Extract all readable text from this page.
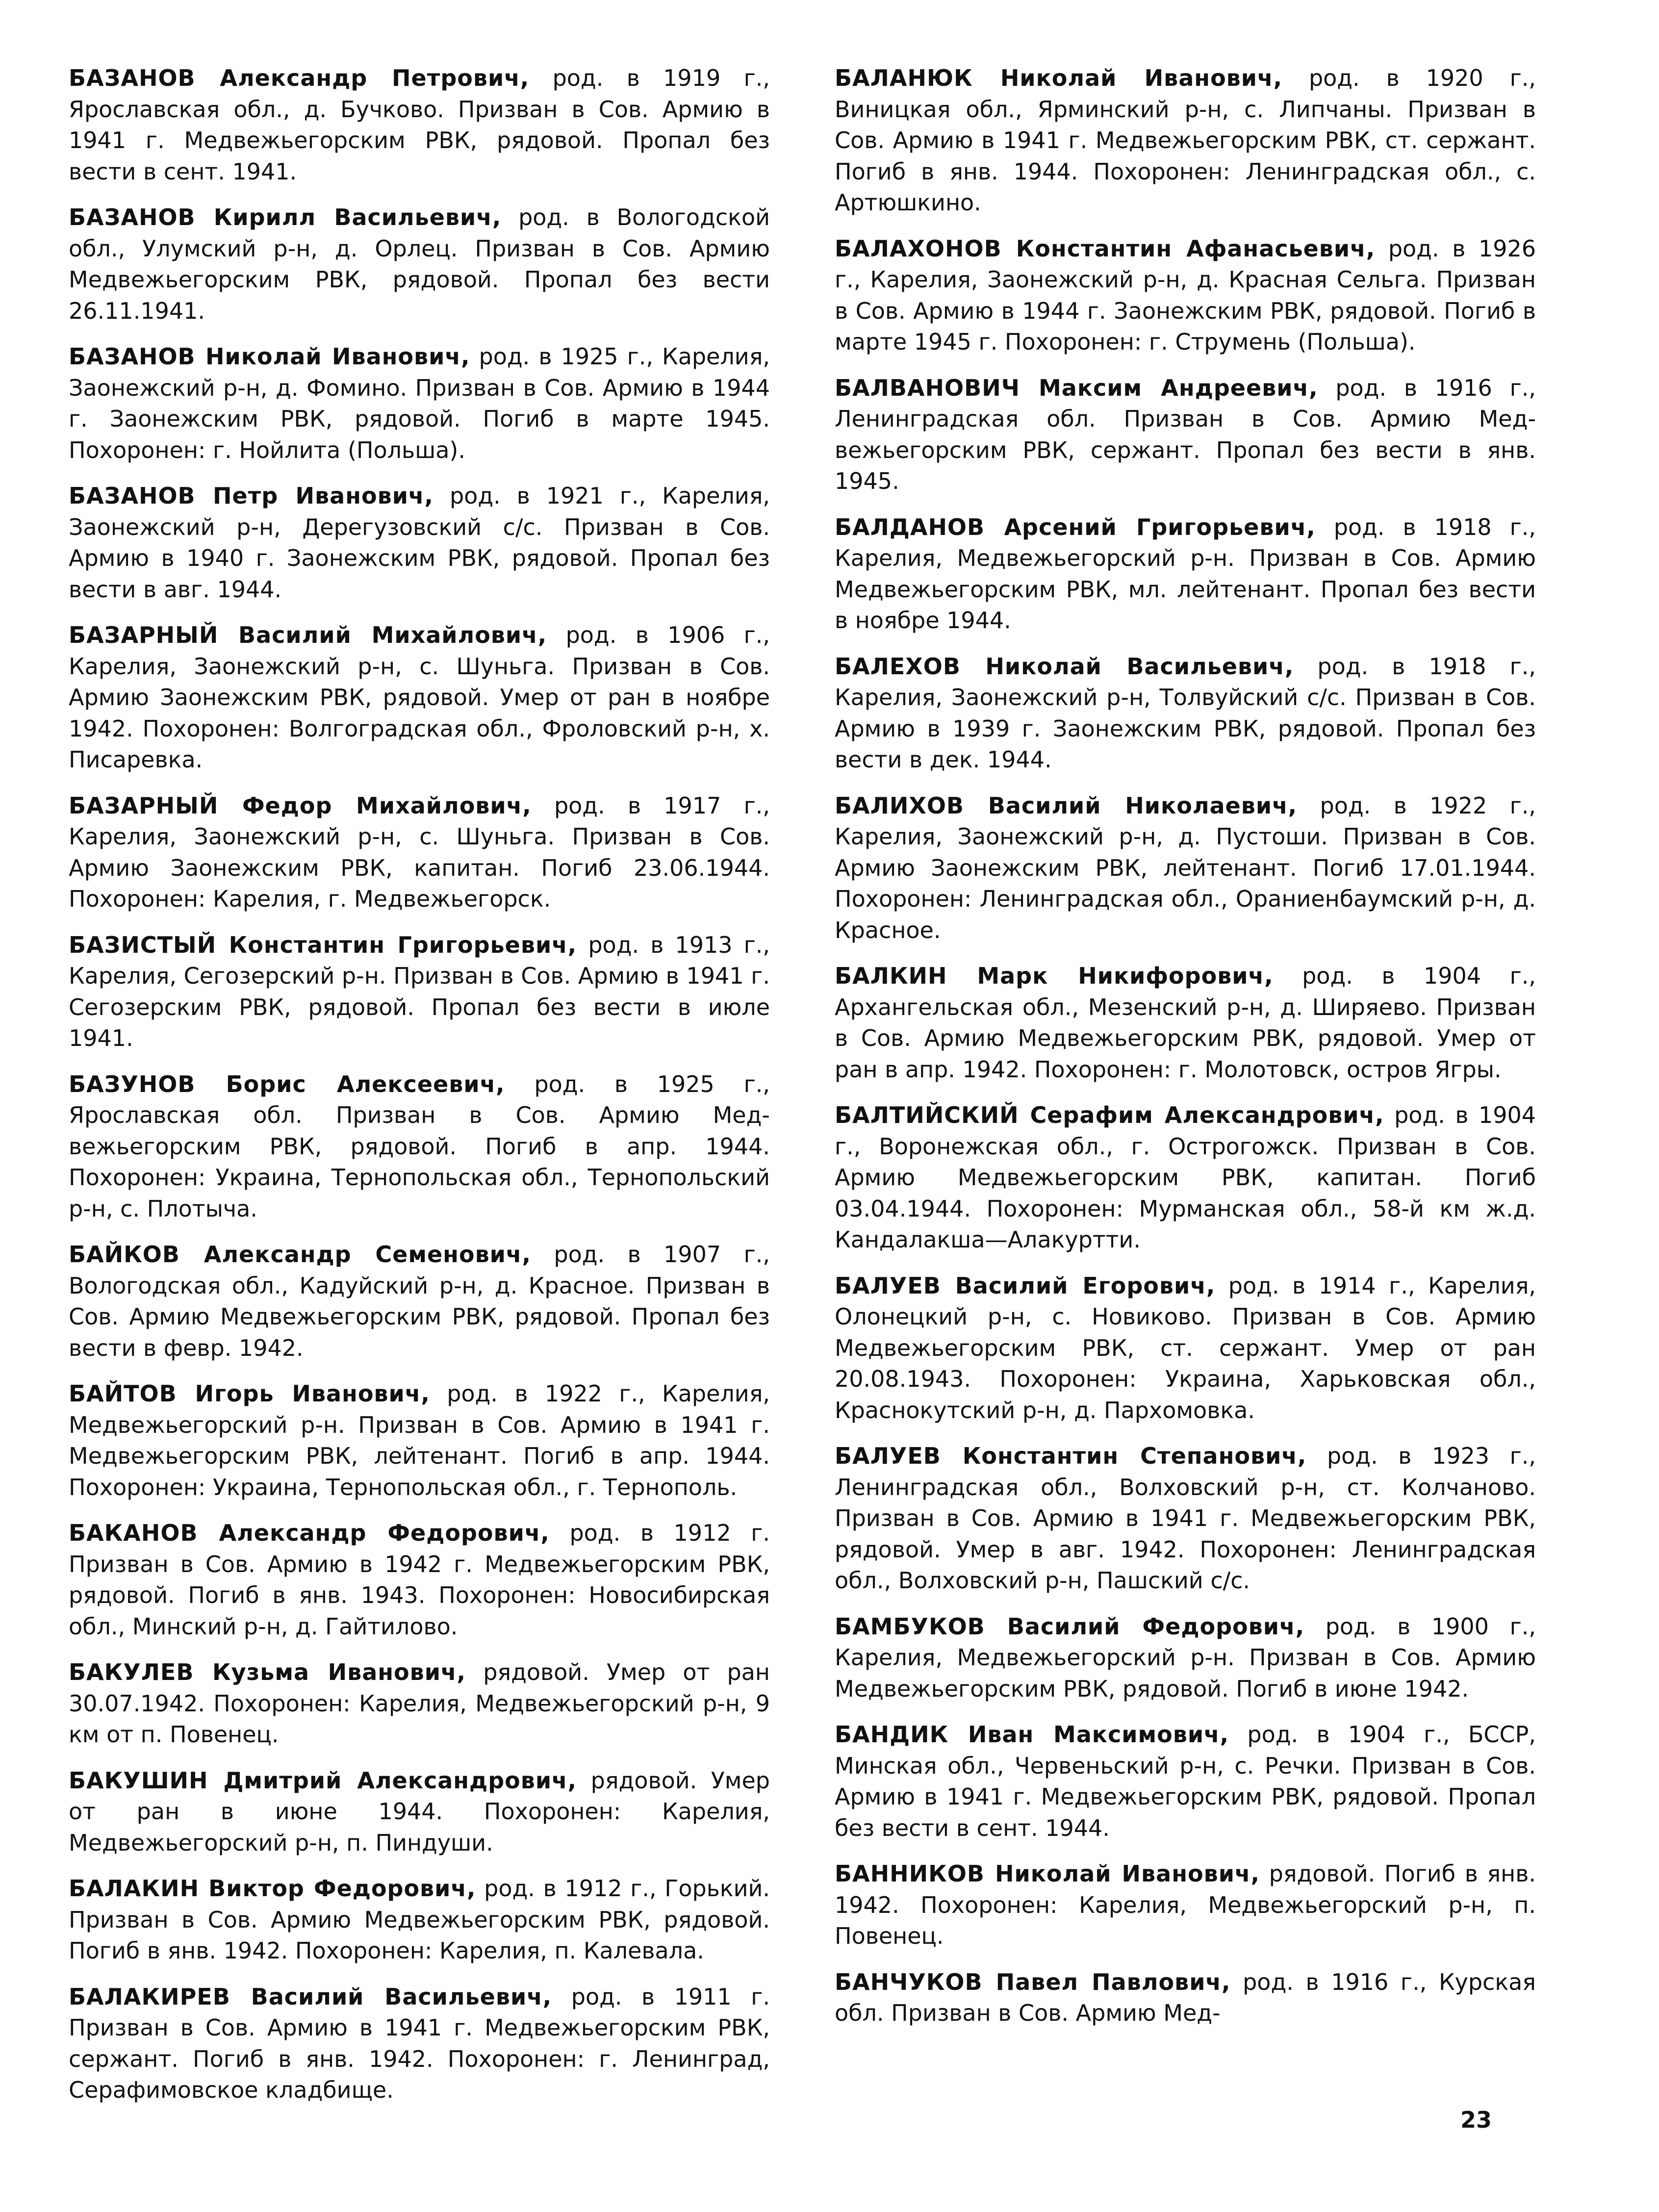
БАЗАНОВ Александр Петрович, род. в 1919 г., Ярославская обл., д. Бучково. Призван в Сов. Армию в 1941 г. Медвежьегорским РВК, рядовой. Пропал без вести в сент. 1941.

БАЗАНОВ Кирилл Васильевич, род. в Вологодской обл., Улумский р-н, д. Орлец. Призван в Сов. Армию Медвежьегорским РВК, рядовой. Пропал без вести 26.11.1941.

БАЗАНОВ Николай Иванович, род. в 1925 г., Карелия, Заонежский р-н, д. Фомино. Призван в Сов. Армию в 1944 г. Заонежским РВК, рядовой. Погиб в марте 1945. Похоронен: г. Нойлита (Польша).

БАЗАНОВ Петр Иванович, род. в 1921 г., Карелия, Заонежский р-н, Дерегузовский с/с. Призван в Сов. Армию в 1940 г. Заонежским РВК, рядовой. Пропал без вести в авг. 1944.

БАЗАРНЫЙ Василий Михайлович, род. в 1906 г., Карелия, Заонежский р-н, с. Шуньга. Призван в Сов. Армию Заонежским РВК, рядовой. Умер от ран в ноябре 1942. Похоронен: Волгоградская обл., Фроловский р-н, х. Писаревка.

БАЗАРНЫЙ Федор Михайлович, род. в 1917 г., Карелия, Заонежский р-н, с. Шуньга. Призван в Сов. Армию Заонежским РВК, капитан. Погиб 23.06.1944. Похоронен: Карелия, г. Медвежьегорск.

БАЗИСТЫЙ Константин Григорьевич, род. в 1913 г., Карелия, Сегозерский р-н. Призван в Сов. Армию в 1941 г. Сегозерским РВК, рядовой. Пропал без вести в июле 1941.

БАЗУНОВ Борис Алексеевич, род. в 1925 г., Ярославская обл. Призван в Сов. Армию Медвежьегорским РВК, рядовой. Погиб в апр. 1944. Похоронен: Украина, Тернопольская обл., Тернопольский р-н, с. Плотыча.

БАЙКОВ Александр Семенович, род. в 1907 г., Вологодская обл., Кадуйский р-н, д. Красное. Призван в Сов. Армию Медвежьегорским РВК, рядовой. Пропал без вести в февр. 1942.

БАЙТОВ Игорь Иванович, род. в 1922 г., Карелия, Медвежьегорский р-н. Призван в Сов. Армию в 1941 г. Медвежьегорским РВК, лейтенант. Погиб в апр. 1944. Похоронен: Украина, Тернопольская обл., г. Тернополь.

БАКАНОВ Александр Федорович, род. в 1912 г. Призван в Сов. Армию в 1942 г. Медвежьегорским РВК, рядовой. Погиб в янв. 1943. Похоронен: Новосибирская обл., Минский р-н, д. Гайтилово.

БАКУЛЕВ Кузьма Иванович, рядовой. Умер от ран 30.07.1942. Похоронен: Карелия, Медвежьегорский р-н, 9 км от п. Повенец.

БАКУШИН Дмитрий Александрович, рядовой. Умер от ран в июне 1944. Похоронен: Карелия, Медвежьегорский р-н, п. Пиндуши.

БАЛАКИН Виктор Федорович, род. в 1912 г., Горький. Призван в Сов. Армию Медвежьегорским РВК, рядовой. Погиб в янв. 1942. Похоронен: Карелия, п. Калевала.

БАЛАКИРЕВ Василий Васильевич, род. в 1911 г. Призван в Сов. Армию в 1941 г. Медвежьегорским РВК, сержант. Погиб в янв. 1942. Похоронен: г. Ленинград, Серафимовское кладбище.

БАЛАНЮК Николай Иванович, род. в 1920 г., Виницкая обл., Ярминский р-н, с. Липчаны. Призван в Сов. Армию в 1941 г. Медвежьегорским РВК, ст. сержант. Погиб в янв. 1944. Похоронен: Ленинградская обл., с. Артюшкино.

БАЛАХОНОВ Константин Афанасьевич, род. в 1926 г., Карелия, Заонежский р-н, д. Красная Сельга. Призван в Сов. Армию в 1944 г. Заонежским РВК, рядовой. Погиб в марте 1945 г. Похоронен: г. Струмень (Польша).

БАЛВАНОВИЧ Максим Андреевич, род. в 1916 г., Ленинградская обл. Призван в Сов. Армию Медвежьегорским РВК, сержант. Пропал без вести в янв. 1945.

БАЛДАНОВ Арсений Григорьевич, род. в 1918 г., Карелия, Медвежьегорский р-н. Призван в Сов. Армию Медвежьегорским РВК, мл. лейтенант. Пропал без вести в ноябре 1944.

БАЛЕХОВ Николай Васильевич, род. в 1918 г., Карелия, Заонежский р-н, Толвуйский с/с. Призван в Сов. Армию в 1939 г. Заонежским РВК, рядовой. Пропал без вести в дек. 1944.

БАЛИХОВ Василий Николаевич, род. в 1922 г., Карелия, Заонежский р-н, д. Пустоши. Призван в Сов. Армию Заонежским РВК, лейтенант. Погиб 17.01.1944. Похоронен: Ленинградская обл., Ораниенбаумский р-н, д. Красное.

БАЛКИН Марк Никифорович, род. в 1904 г., Архангельская обл., Мезенский р-н, д. Ширяево. Призван в Сов. Армию Медвежьегорским РВК, рядовой. Умер от ран в апр. 1942. Похоронен: г. Молотовск, остров Ягры.

БАЛТИЙСКИЙ Серафим Александрович, род. в 1904 г., Воронежская обл., г. Острогожск. Призван в Сов. Армию Медвежьегорским РВК, капитан. Погиб 03.04.1944. Похоронен: Мурманская обл., 58-й км ж.д. Кандалакша—Алакуртти.

БАЛУЕВ Василий Егорович, род. в 1914 г., Карелия, Олонецкий р-н, с. Новиково. Призван в Сов. Армию Медвежьегорским РВК, ст. сержант. Умер от ран 20.08.1943. Похоронен: Украина, Харьковская обл., Краснокутский р-н, д. Пархомовка.

БАЛУЕВ Константин Степанович, род. в 1923 г., Ленинградская обл., Волховский р-н, ст. Колчаново. Призван в Сов. Армию в 1941 г. Медвежьегорским РВК, рядовой. Умер в авг. 1942. Похоронен: Ленинградская обл., Волховский р-н, Пашский с/с.

БАМБУКОВ Василий Федорович, род. в 1900 г., Карелия, Медвежьегорский р-н. Призван в Сов. Армию Медвежьегорским РВК, рядовой. Погиб в июне 1942.

БАНДИК Иван Максимович, род. в 1904 г., БССР, Минская обл., Червеньский р-н, с. Речки. Призван в Сов. Армию в 1941 г. Медвежьегорским РВК, рядовой. Пропал без вести в сент. 1944.

БАННИКОВ Николай Иванович, рядовой. Погиб в янв. 1942. Похоронен: Карелия, Медвежьегорский р-н, п. Повенец.

БАНЧУКОВ Павел Павлович, род. в 1916 г., Курская обл. Призван в Сов. Армию Мед-

23
